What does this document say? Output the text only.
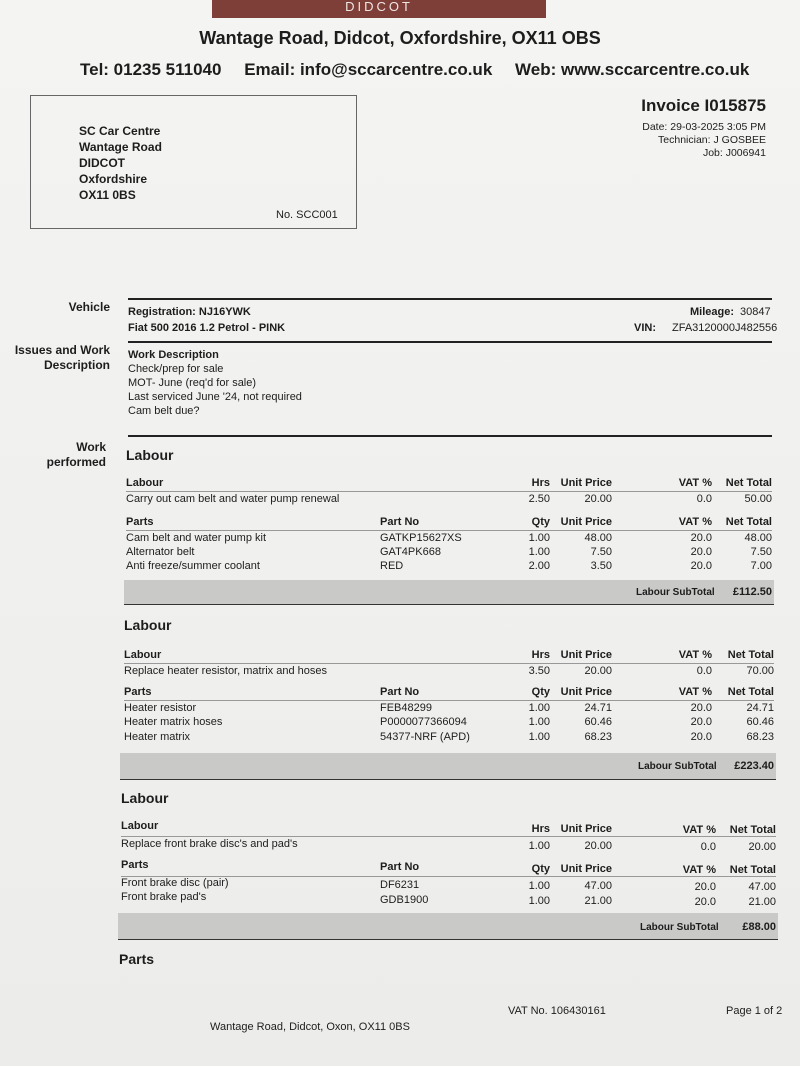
DIDCOT
Wantage Road, Didcot, Oxfordshire, OX11 OBS
Tel: 01235 511040 Email: info@sccarcentre.co.uk Web: www.sccarcentre.co.uk
SC Car Centre
Wantage Road
DIDCOT
Oxfordshire
OX11 0BS
No. SCC001
Invoice I015875
Date: 29-03-2025 3:05 PM
Technician: J GOSBEE
Job: J006941
Vehicle Registration: NJ16YWK
Fiat 500 2016 1.2 Petrol - PINK
Mileage: 30847
VIN: ZFA3120000J482556
Issues and Work
Description
Work Description
Check/prep for sale
MOT- June (req'd for sale)
Last serviced June '24, not required
Cam belt due?
Work performed Labour
Labour	Hrs Unit Price	VAT %	Net Total
Carry out cam belt and water pump renewal	2.50	20.00	0.0	50.00
Parts	Part No	Qty Unit Price	VAT %	Net Total
Cam belt and water pump kit	GATKP15627XS	1.00	48.00	20.0	48.00
Alternator belt	GAT4PK668	1.00	7.50	20.0	7.50
Anti freeze/summer coolant	RED	2.00	3.50	20.0	7.00
Labour SubTotal	£112.50
Labour
Labour	Hrs Unit Price	VAT %	Net Total
Replace heater resistor, matrix and hoses	3.50	20.00	0.0	70.00
Parts	Part No	Qty Unit Price	VAT %	Net Total
Heater resistor	FEB48299	1.00	24.71	20.0	24.71
Heater matrix hoses	P0000077366094	1.00	60.46	20.0	60.46
Heater matrix	54377-NRF (APD)	1.00	68.23	20.0	68.23
Labour SubTotal	£223.40
Labour
Labour	Hrs Unit Price	VAT %	Net Total
Replace front brake disc's and pad's	1.00	20.00	0.0	20.00
Parts	Part No	Qty Unit Price	VAT %	Net Total
Front brake disc (pair)	DF6231	1.00	47.00	20.0	47.00
Front brake pad's	GDB1900	1.00	21.00	20.0	21.00
Labour SubTotal	£88.00
Parts
VAT No. 106430161	Page 1 of 2
Wantage Road, Didcot, Oxon, OX11 0BS
